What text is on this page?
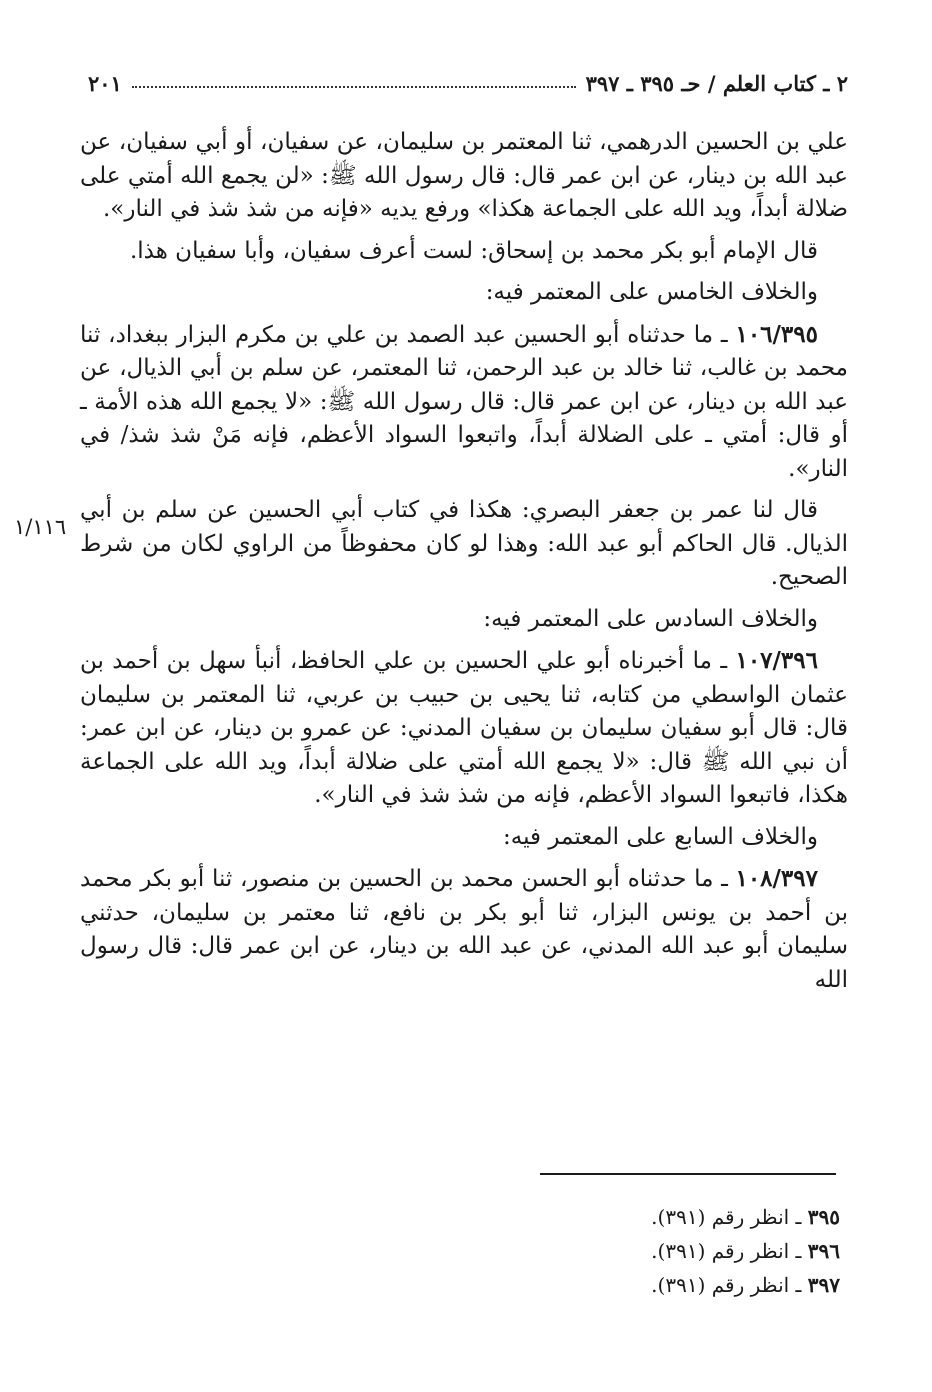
٢ ـ كتاب العلم / حـ ٣٩٥ ـ ٣٩٧
٢٠١

علي بن الحسين الدرهمي، ثنا المعتمر بن سليمان، عن سفيان، أو أبي سفيان، عن عبد الله بن دينار، عن ابن عمر قال: قال رسول الله ﷺ: «لن يجمع الله أمتي على ضلالة أبداً، ويد الله على الجماعة هكذا» ورفع يديه «فإنه من شذ شذ في النار».

قال الإمام أبو بكر محمد بن إسحاق: لست أعرف سفيان، وأبا سفيان هذا.

والخلاف الخامس على المعتمر فيه:

١٠٦/٣٩٥ ـ ما حدثناه أبو الحسين عبد الصمد بن علي بن مكرم البزار ببغداد، ثنا محمد بن غالب، ثنا خالد بن عبد الرحمن، ثنا المعتمر، عن سلم بن أبي الذيال، عن عبد الله بن دينار، عن ابن عمر قال: قال رسول الله ﷺ: «لا يجمع الله هذه الأمة ـ أو قال: أمتي ـ على الضلالة أبداً، واتبعوا السواد الأعظم، فإنه مَنْ شذ شذ/ في النار».

قال لنا عمر بن جعفر البصري: هكذا في كتاب أبي الحسين عن سلم بن أبي الذيال. قال الحاكم أبو عبد الله: وهذا لو كان محفوظاً من الراوي لكان من شرط الصحيح.

والخلاف السادس على المعتمر فيه:

١٠٧/٣٩٦ ـ ما أخبرناه أبو علي الحسين بن علي الحافظ، أنبأ سهل بن أحمد بن عثمان الواسطي من كتابه، ثنا يحيى بن حبيب بن عربي، ثنا المعتمر بن سليمان قال: قال أبو سفيان سليمان بن سفيان المدني: عن عمرو بن دينار، عن ابن عمر: أن نبي الله ﷺ قال: «لا يجمع الله أمتي على ضلالة أبداً، ويد الله على الجماعة هكذا، فاتبعوا السواد الأعظم، فإنه من شذ شذ في النار».

والخلاف السابع على المعتمر فيه:

١٠٨/٣٩٧ ـ ما حدثناه أبو الحسن محمد بن الحسين بن منصور، ثنا أبو بكر محمد بن أحمد بن يونس البزار، ثنا أبو بكر بن نافع، ثنا معتمر بن سليمان، حدثني سليمان أبو عبد الله المدني، عن عبد الله بن دينار، عن ابن عمر قال: قال رسول الله

١/١١٦
٣٩٥ ـ انظر رقم (٣٩١).
٣٩٦ ـ انظر رقم (٣٩١).
٣٩٧ ـ انظر رقم (٣٩١).
